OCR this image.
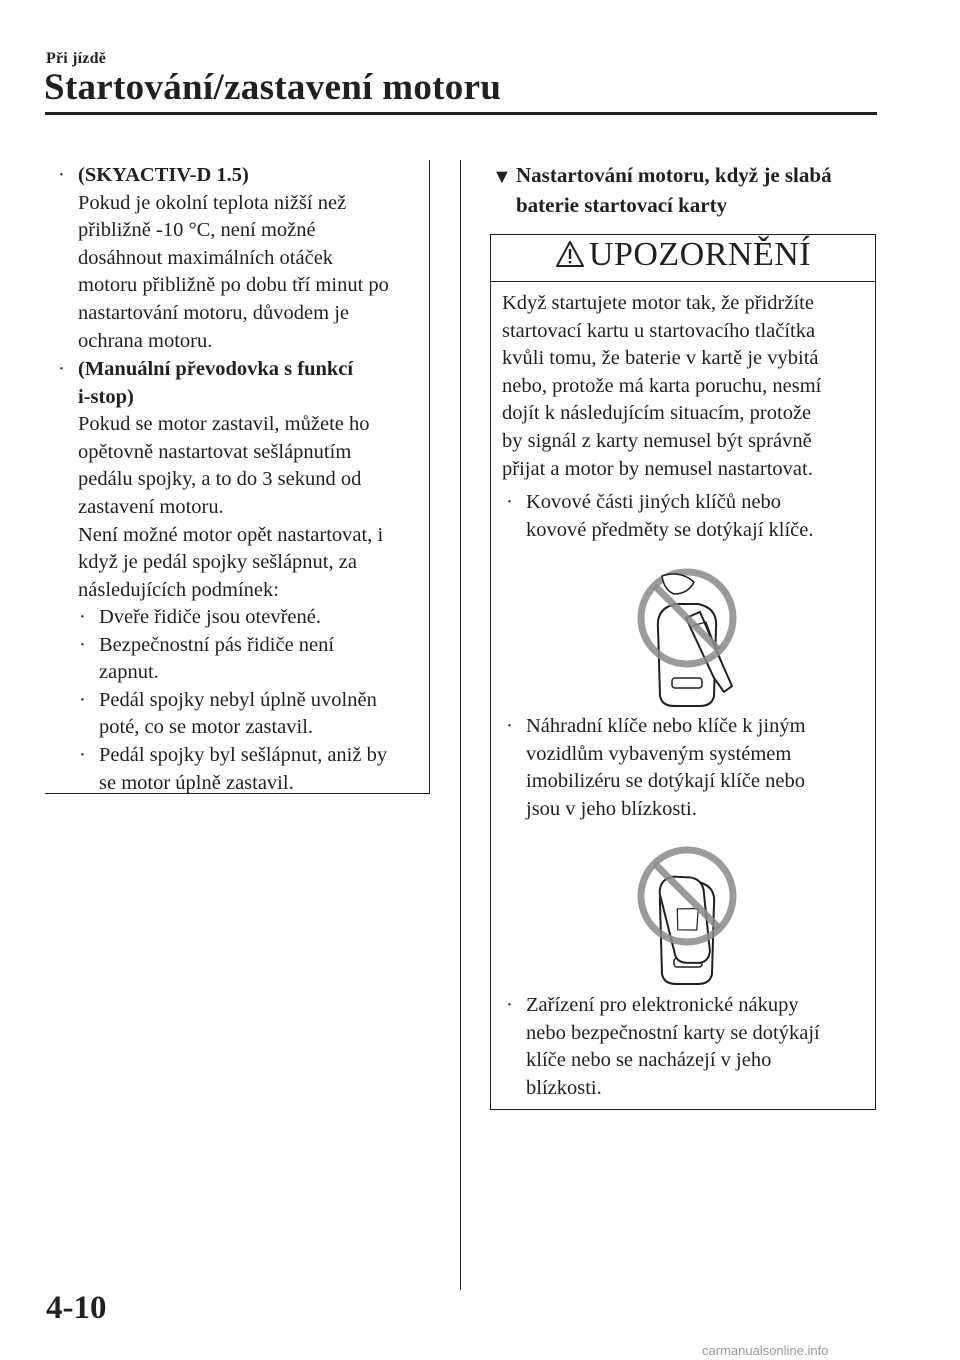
Při jízdě
Startování/zastavení motoru
· (SKYACTIV-D 1.5)
Pokud je okolní teplota nižší než
přibližně -10 °C, není možné
dosáhnout maximálních otáček
motoru přibližně po dobu tří minut po
nastartování motoru, důvodem je
ochrana motoru.
· (Manuální převodovka s funkcí
i-stop)
Pokud se motor zastavil, můžete ho
opětovně nastartovat sešlápnutím
pedálu spojky, a to do 3 sekund od
zastavení motoru.
Není možné motor opět nastartovat, i
když je pedál spojky sešlápnut, za
následujících podmínek:
· Dveře řidiče jsou otevřené.
· Bezpečnostní pás řidiče není
zapnut.
· Pedál spojky nebyl úplně uvolněn
poté, co se motor zastavil.
· Pedál spojky byl sešlápnut, aniž by
se motor úplně zastavil.
▼ Nastartování motoru, když je slabá
baterie startovací karty
UPOZORNĚNÍ
Když startujete motor tak, že přidržíte
startovací kartu u startovacího tlačítka
kvůli tomu, že baterie v kartě je vybitá
nebo, protože má karta poruchu, nesmí
dojít k následujícím situacím, protože
by signál z karty nemusel být správně
přijat a motor by nemusel nastartovat.
· Kovové části jiných klíčů nebo
kovové předměty se dotýkají klíče.
· Náhradní klíče nebo klíče k jiným
vozidlům vybaveným systémem
imobilizéru se dotýkají klíče nebo
jsou v jeho blízkosti.
· Zařízení pro elektronické nákupy
nebo bezpečnostní karty se dotýkají
klíče nebo se nacházejí v jeho
blízkosti.
4-10
carmanualsonline.info
